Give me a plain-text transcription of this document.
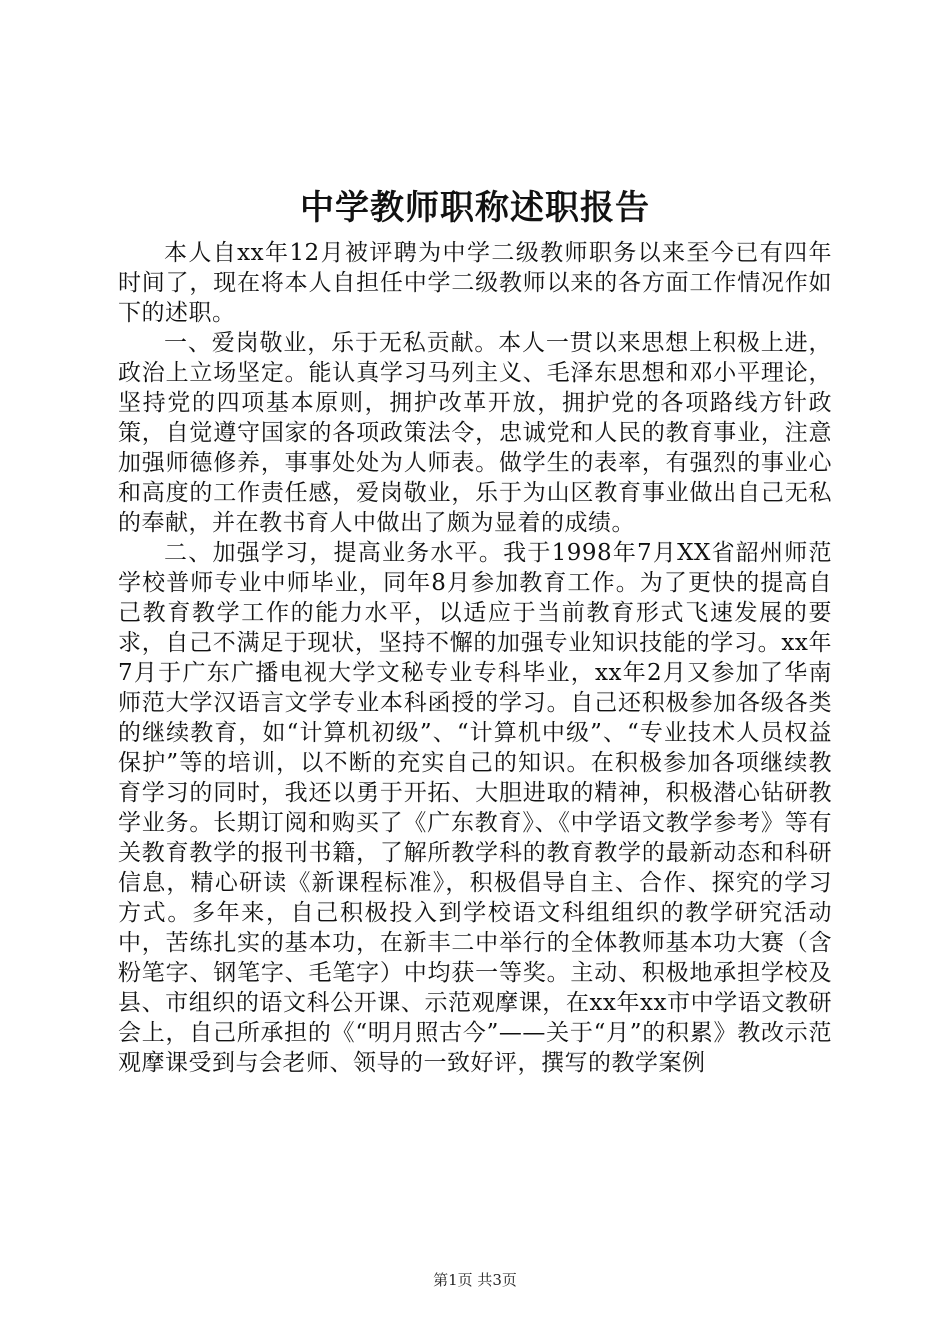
中学教师职称述职报告

本人自xx年12月被评聘为中学二级教师职务以来至今已有四年时间了，现在将本人自担任中学二级教师以来的各方面工作情况作如下的述职。

一、爱岗敬业，乐于无私贡献。本人一贯以来思想上积极上进，政治上立场坚定。能认真学习马列主义、毛泽东思想和邓小平理论，坚持党的四项基本原则，拥护改革开放，拥护党的各项路线方针政策，自觉遵守国家的各项政策法令，忠诚党和人民的教育事业，注意加强师德修养，事事处处为人师表。做学生的表率，有强烈的事业心和高度的工作责任感，爱岗敬业，乐于为山区教育事业做出自己无私的奉献，并在教书育人中做出了颇为显着的成绩。

二、加强学习，提高业务水平。我于1998年7月XX省韶州师范学校普师专业中师毕业，同年8月参加教育工作。为了更快的提高自己教育教学工作的能力水平，以适应于当前教育形式飞速发展的要求，自己不满足于现状，坚持不懈的加强专业知识技能的学习。xx年7月于广东广播电视大学文秘专业专科毕业，xx年2月又参加了华南师范大学汉语言文学专业本科函授的学习。自己还积极参加各级各类的继续教育，如“计算机初级”、“计算机中级”、“专业技术人员权益保护”等的培训，以不断的充实自己的知识。在积极参加各项继续教育学习的同时，我还以勇于开拓、大胆进取的精神，积极潜心钻研教学业务。长期订阅和购买了《广东教育》、《中学语文教学参考》等有关教育教学的报刊书籍，了解所教学科的教育教学的最新动态和科研信息，精心研读《新课程标准》，积极倡导自主、合作、探究的学习方式。多年来，自己积极投入到学校语文科组组织的教学研究活动中，苦练扎实的基本功，在新丰二中举行的全体教师基本功大赛（含粉笔字、钢笔字、毛笔字）中均获一等奖。主动、积极地承担学校及县、市组织的语文科公开课、示范观摩课，在xx年xx市中学语文教研会上，自己所承担的《“明月照古今”——关于“月”的积累》教改示范观摩课受到与会老师、领导的一致好评，撰写的教学案例

第1页 共3页
